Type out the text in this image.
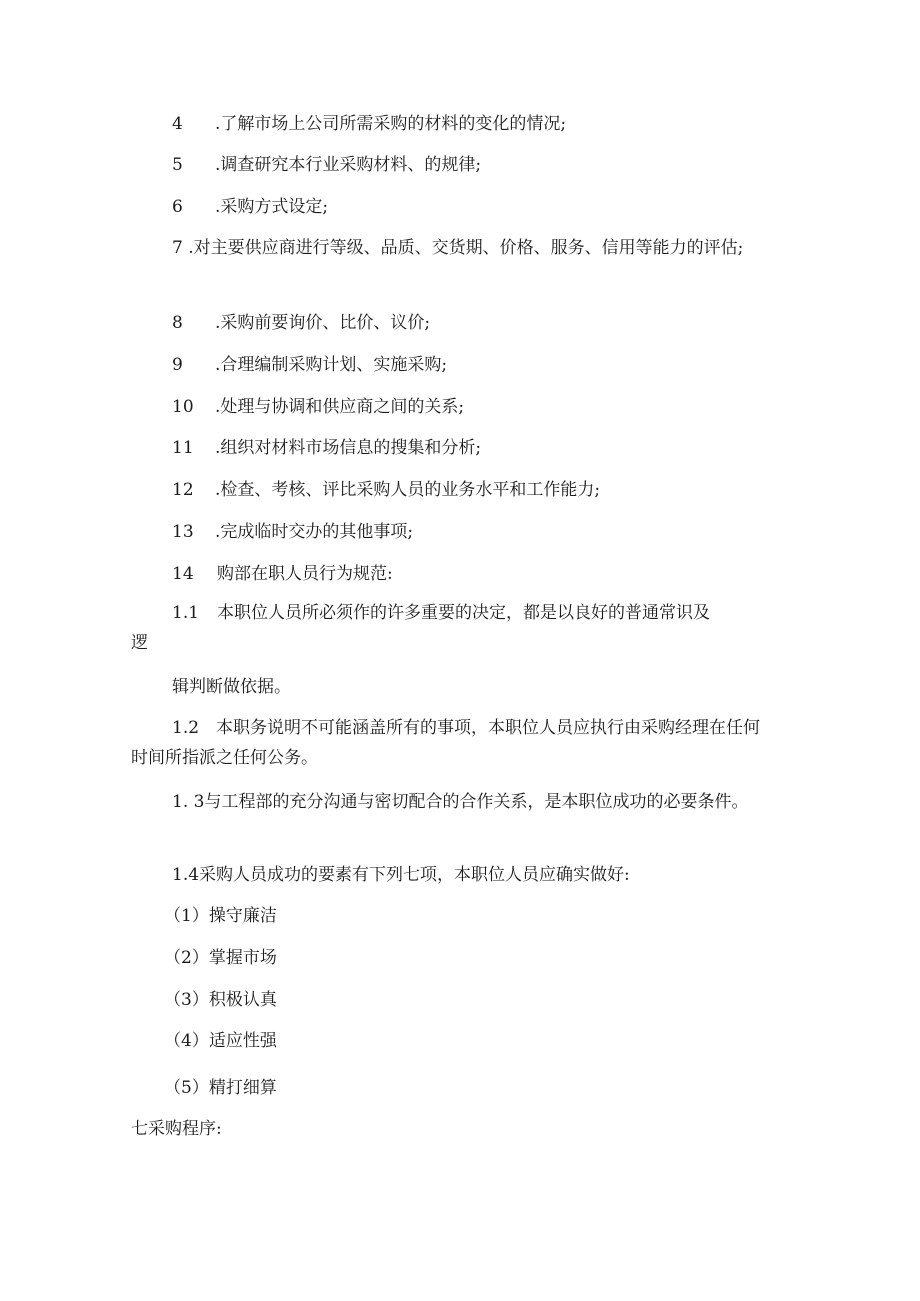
4 .了解市场上公司所需采购的材料的变化的情况;
5 .调查研究本行业采购材料、的规律;
6 .采购方式设定;
7 .对主要供应商进行等级、品质、交货期、价格、服务、信用等能力的评估;
8 .采购前要询价、比价、议价;
9 .合理编制采购计划、实施采购;
10 .处理与协调和供应商之间的关系;
11 .组织对材料市场信息的搜集和分析;
12 .检查、考核、评比采购人员的业务水平和工作能力;
13 .完成临时交办的其他事项;
14 购部在职人员行为规范:
1.1 本职位人员所必须作的许多重要的决定，都是以良好的普通常识及
逻
辑判断做依据。
1.2　本职务说明不可能涵盖所有的事项，本职位人员应执行由采购经理在任何时间所指派之任何公务。
1. 3与工程部的充分沟通与密切配合的合作关系，是本职位成功的必要条件。
1.4采购人员成功的要素有下列七项，本职位人员应确实做好:
（1）操守廉洁
（2）掌握市场
（3）积极认真
（4）适应性强
（5）精打细算
七采购程序:
